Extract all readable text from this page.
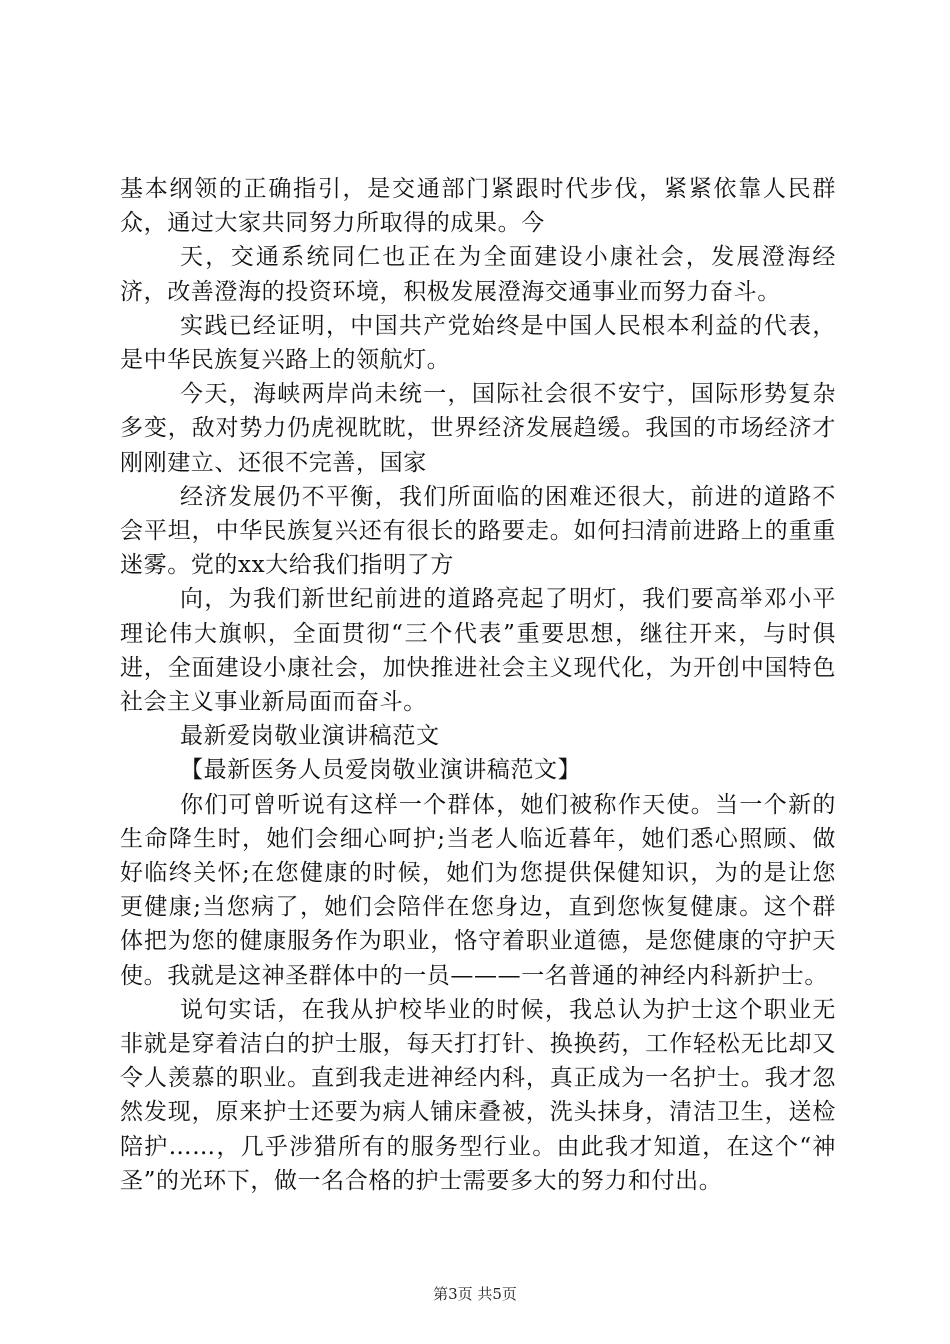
基本纲领的正确指引，是交通部门紧跟时代步伐，紧紧依靠人民群众，通过大家共同努力所取得的成果。今

天，交通系统同仁也正在为全面建设小康社会，发展澄海经济，改善澄海的投资环境，积极发展澄海交通事业而努力奋斗。

实践已经证明，中国共产党始终是中国人民根本利益的代表，是中华民族复兴路上的领航灯。

今天，海峡两岸尚未统一，国际社会很不安宁，国际形势复杂多变，敌对势力仍虎视眈眈，世界经济发展趋缓。我国的市场经济才刚刚建立、还很不完善，国家

经济发展仍不平衡，我们所面临的困难还很大，前进的道路不会平坦，中华民族复兴还有很长的路要走。如何扫清前进路上的重重迷雾。党的xx大给我们指明了方

向，为我们新世纪前进的道路亮起了明灯，我们要高举邓小平理论伟大旗帜，全面贯彻“三个代表”重要思想，继往开来，与时俱进，全面建设小康社会，加快推进社会主义现代化，为开创中国特色社会主义事业新局面而奋斗。

最新爱岗敬业演讲稿范文

【最新医务人员爱岗敬业演讲稿范文】

你们可曾听说有这样一个群体，她们被称作天使。当一个新的生命降生时，她们会细心呵护;当老人临近暮年，她们悉心照顾、做好临终关怀;在您健康的时候，她们为您提供保健知识，为的是让您更健康;当您病了，她们会陪伴在您身边，直到您恢复健康。这个群体把为您的健康服务作为职业，恪守着职业道德，是您健康的守护天使。我就是这神圣群体中的一员———一名普通的神经内科新护士。

说句实话，在我从护校毕业的时候，我总认为护士这个职业无非就是穿着洁白的护士服，每天打打针、换换药，工作轻松无比却又令人羡慕的职业。直到我走进神经内科，真正成为一名护士。我才忽然发现，原来护士还要为病人铺床叠被，洗头抹身，清洁卫生，送检陪护……，几乎涉猎所有的服务型行业。由此我才知道，在这个“神圣”的光环下，做一名合格的护士需要多大的努力和付出。

第3页 共5页
